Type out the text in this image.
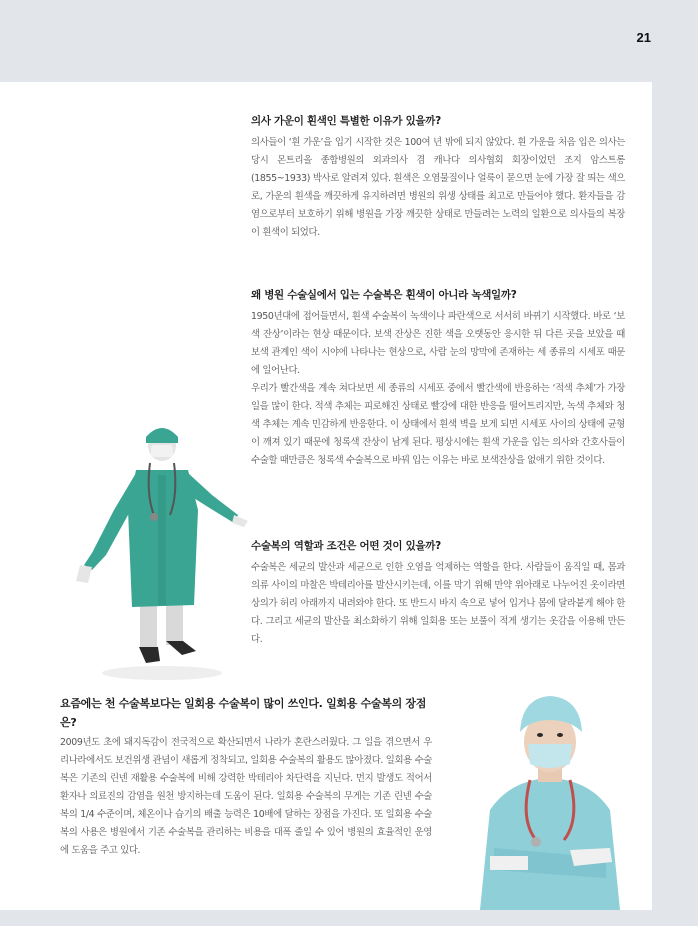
21
의사 가운이 흰색인 특별한 이유가 있을까?

의사들이 ‘흰 가운’을 입기 시작한 것은 100여 년 밖에 되지 않았다. 흰 가운을 처음 입은 의사는 당시 몬트리올 종합병원의 외과의사 겸 캐나다 의사협회 회장이었던 조지 암스트롱(1855~1933) 박사로 알려져 있다. 흰색은 오염물질이나 얼룩이 묻으면 눈에 가장 잘 띄는 색으로, 가운의 흰색을 깨끗하게 유지하려면 병원의 위생 상태를 최고로 만들어야 했다. 환자들을 감염으로부터 보호하기 위해 병원을 가장 깨끗한 상태로 만들려는 노력의 일환으로 의사들의 복장이 흰색이 되었다.

왜 병원 수술실에서 입는 수술복은 흰색이 아니라 녹색일까?

1950년대에 접어들면서, 흰색 수술복이 녹색이나 파란색으로 서서히 바뀌기 시작했다. 바로 ‘보색 잔상’이라는 현상 때문이다. 보색 잔상은 진한 색을 오랫동안 응시한 뒤 다른 곳을 보았을 때 보색 관계인 색이 시야에 나타나는 현상으로, 사람 눈의 망막에 존재하는 세 종류의 시세포 때문에 일어난다.

우리가 빨간색을 계속 쳐다보면 세 종류의 시세포 중에서 빨간색에 반응하는 ‘적색 추체’가 가장 일을 많이 한다. 적색 추체는 피로해진 상태로 빨강에 대한 반응을 떨어트리지만, 녹색 추체와 청색 추체는 계속 민감하게 반응한다. 이 상태에서 흰색 벽을 보게 되면 시세포 사이의 상태에 균형이 깨져 있기 때문에 청록색 잔상이 남게 된다. 평상시에는 흰색 가운을 입는 의사와 간호사들이 수술할 때만큼은 청록색 수술복으로 바꿔 입는 이유는 바로 보색잔상을 없애기 위한 것이다.

수술복의 역할과 조건은 어떤 것이 있을까?

수술복은 세균의 발산과 세균으로 인한 오염을 억제하는 역할을 한다. 사람들이 움직일 때, 몸과 의류 사이의 마찰은 박테리아를 발산시키는데, 이를 막기 위해 만약 위아래로 나누어진 옷이라면 상의가 허리 아래까지 내려와야 한다. 또 반드시 바지 속으로 넣어 입거나 몸에 달라붙게 해야 한다. 그리고 세균의 발산을 최소화하기 위해 일회용 또는 보풀이 적게 생기는 옷감을 이용해 만든다.

요즘에는 천 수술복보다는 일회용 수술복이 많이 쓰인다. 일회용 수술복의 장점은?

2009년도 초에 돼지독감이 전국적으로 확산되면서 나라가 혼란스러웠다. 그 일을 겪으면서 우리나라에서도 보건위생 관념이 새롭게 정착되고, 일회용 수술복의 활용도 많아졌다. 일회용 수술복은 기존의 린넨 재활용 수술복에 비해 강력한 박테리아 차단력을 지닌다. 먼지 발생도 적어서 환자나 의료진의 감염을 원천 방지하는데 도움이 된다. 일회용 수술복의 무게는 기존 린넨 수술복의 1/4 수준이며, 체온이나 습기의 배출 능력은 10배에 달하는 장점을 가진다. 또 일회용 수술복의 사용은 병원에서 기존 수술복을 관리하는 비용을 대폭 줄일 수 있어 병원의 효율적인 운영에 도움을 주고 있다.
